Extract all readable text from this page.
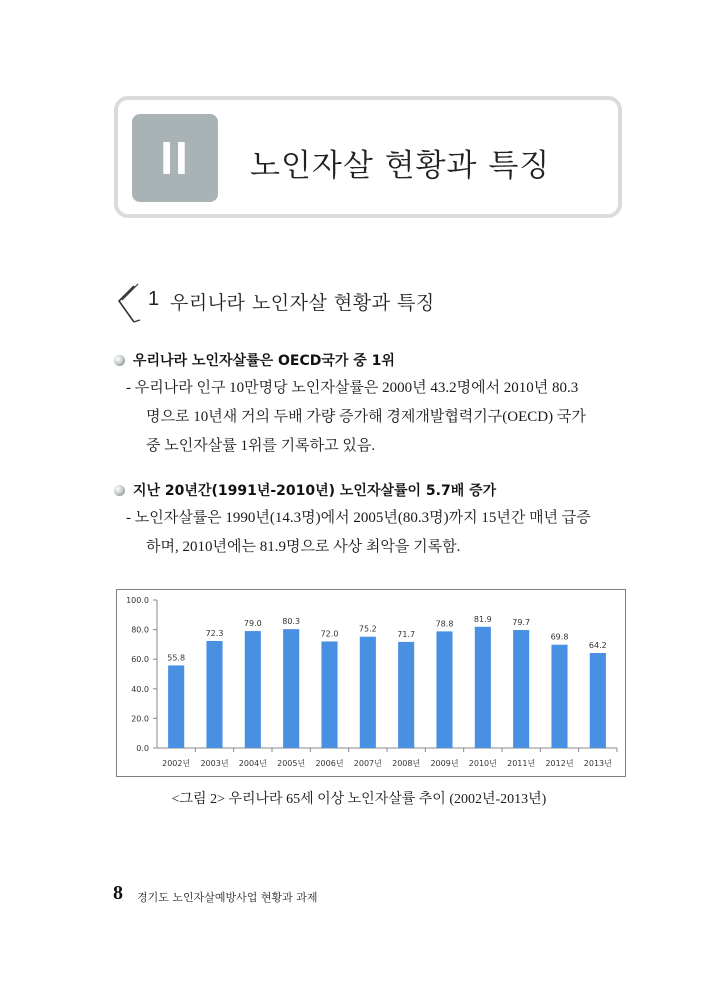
II	노인자살 현황과 특징
1 우리나라 노인자살 현황과 특징
우리나라 노인자살률은 OECD국가 중 1위
- 우리나라 인구 10만명당 노인자살률은 2000년 43.2명에서 2010년 80.3
명으로 10년새 거의 두배 가량 증가해 경제개발협력기구(OECD) 국가
중 노인자살률 1위를 기록하고 있음.
지난 20년간(1991년-2010년) 노인자살률이 5.7배 증가
- 노인자살률은 1990년(14.3명)에서 2005년(80.3명)까지 15년간 매년 급증
하며, 2010년에는 81.9명으로 사상 최악을 기록함.
0.0
20.0
40.0
60.0
80.0
100.0
55.8
2002년
72.3
2003년
79.0
2004년
80.3
2005년
72.0
2006년
75.2
2007년
71.7
2008년
78.8
2009년
81.9
2010년
79.7
2011년
69.8
2012년
64.2
2013년
<그림 2> 우리나라 65세 이상 노인자살률 추이 (2002년-2013년)
8 경기도 노인자살예방사업 현황과 과제
